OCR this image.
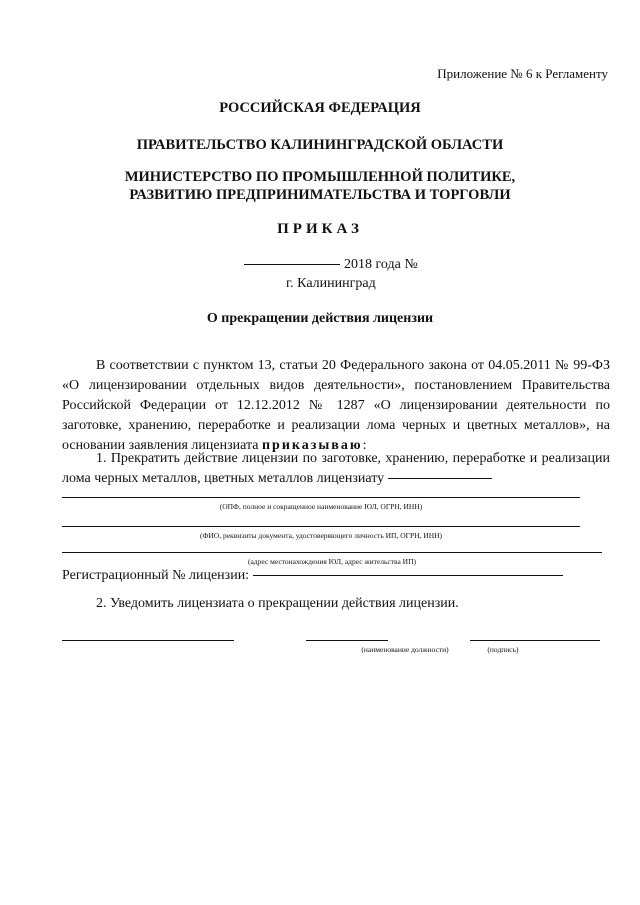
Приложение № 6 к Регламенту
РОССИЙСКАЯ ФЕДЕРАЦИЯ
ПРАВИТЕЛЬСТВО КАЛИНИНГРАДСКОЙ ОБЛАСТИ
МИНИСТЕРСТВО ПО ПРОМЫШЛЕННОЙ ПОЛИТИКЕ,
РАЗВИТИЮ ПРЕДПРИНИМАТЕЛЬСТВА И ТОРГОВЛИ
ПРИКАЗ
2018 года №
г. Калининград
О прекращении действия лицензии
В соответствии с пунктом 13, статьи 20 Федерального закона от 04.05.2011 № 99-ФЗ «О лицензировании отдельных видов деятельности», постановлением Правительства Российской Федерации от 12.12.2012 № 1287 «О лицензировании деятельности по заготовке, хранению, переработке и реализации лома черных и цветных металлов», на основании заявления лицензиата приказываю:
1. Прекратить действие лицензии по заготовке, хранению, переработке и реализации лома черных металлов, цветных металлов лицензиату
(ОПФ, полное и сокращенное наименование ЮЛ, ОГРН, ИНН)
(ФИО, реквизиты документа, удостоверяющего личность ИП, ОГРН, ИНН)
(адрес местонахождения ЮЛ, адрес жительства ИП)
Регистрационный № лицензии:
2. Уведомить лицензиата о прекращении действия лицензии.
(наименование должности)	(подпись)
